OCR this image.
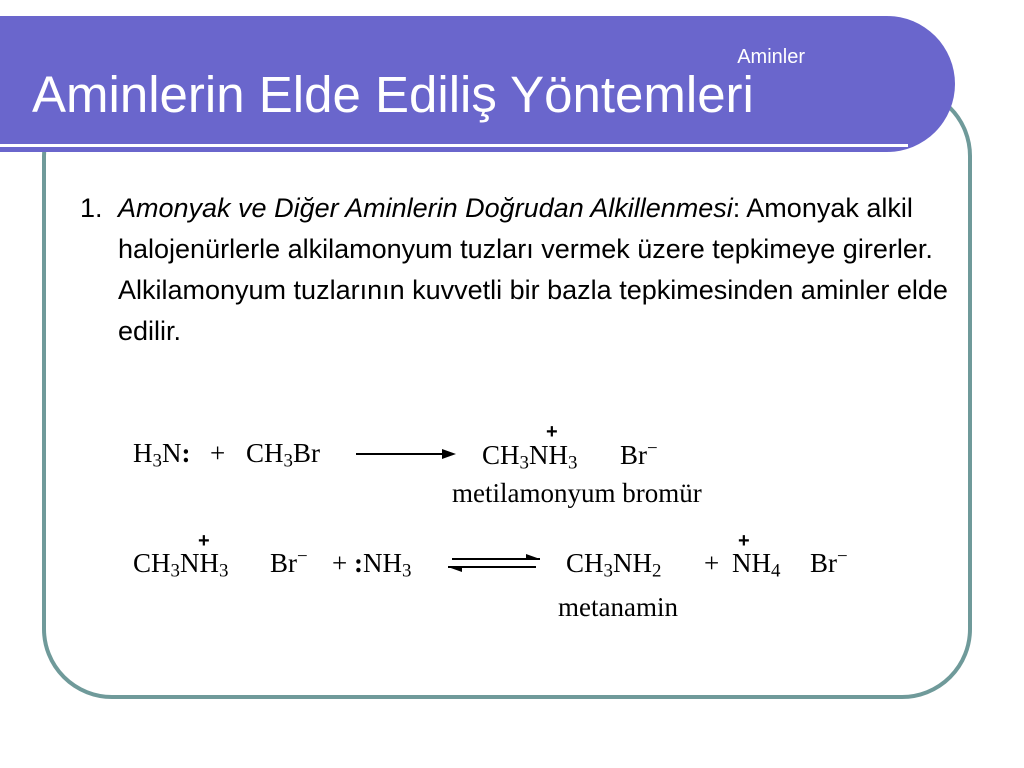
Aminler
Aminlerin Elde Ediliş Yöntemleri
1. Amonyak ve Diğer Aminlerin Doğrudan Alkillenmesi: Amonyak alkil halojenürlerle alkilamonyum tuzları vermek üzere tepkimeye girerler. Alkilamonyum tuzlarının kuvvetli bir bazla tepkimesinden aminler elde edilir.
$H_3N$: + $CH_3Br \to CH_3NH_3$
+
Br−
metilamonyum bromür
$CH_3NH_3$
+
$Br^- + :NH_3$ ⇌ $CH_3NH_2 + NH_4$
+
Br−
metanamin
